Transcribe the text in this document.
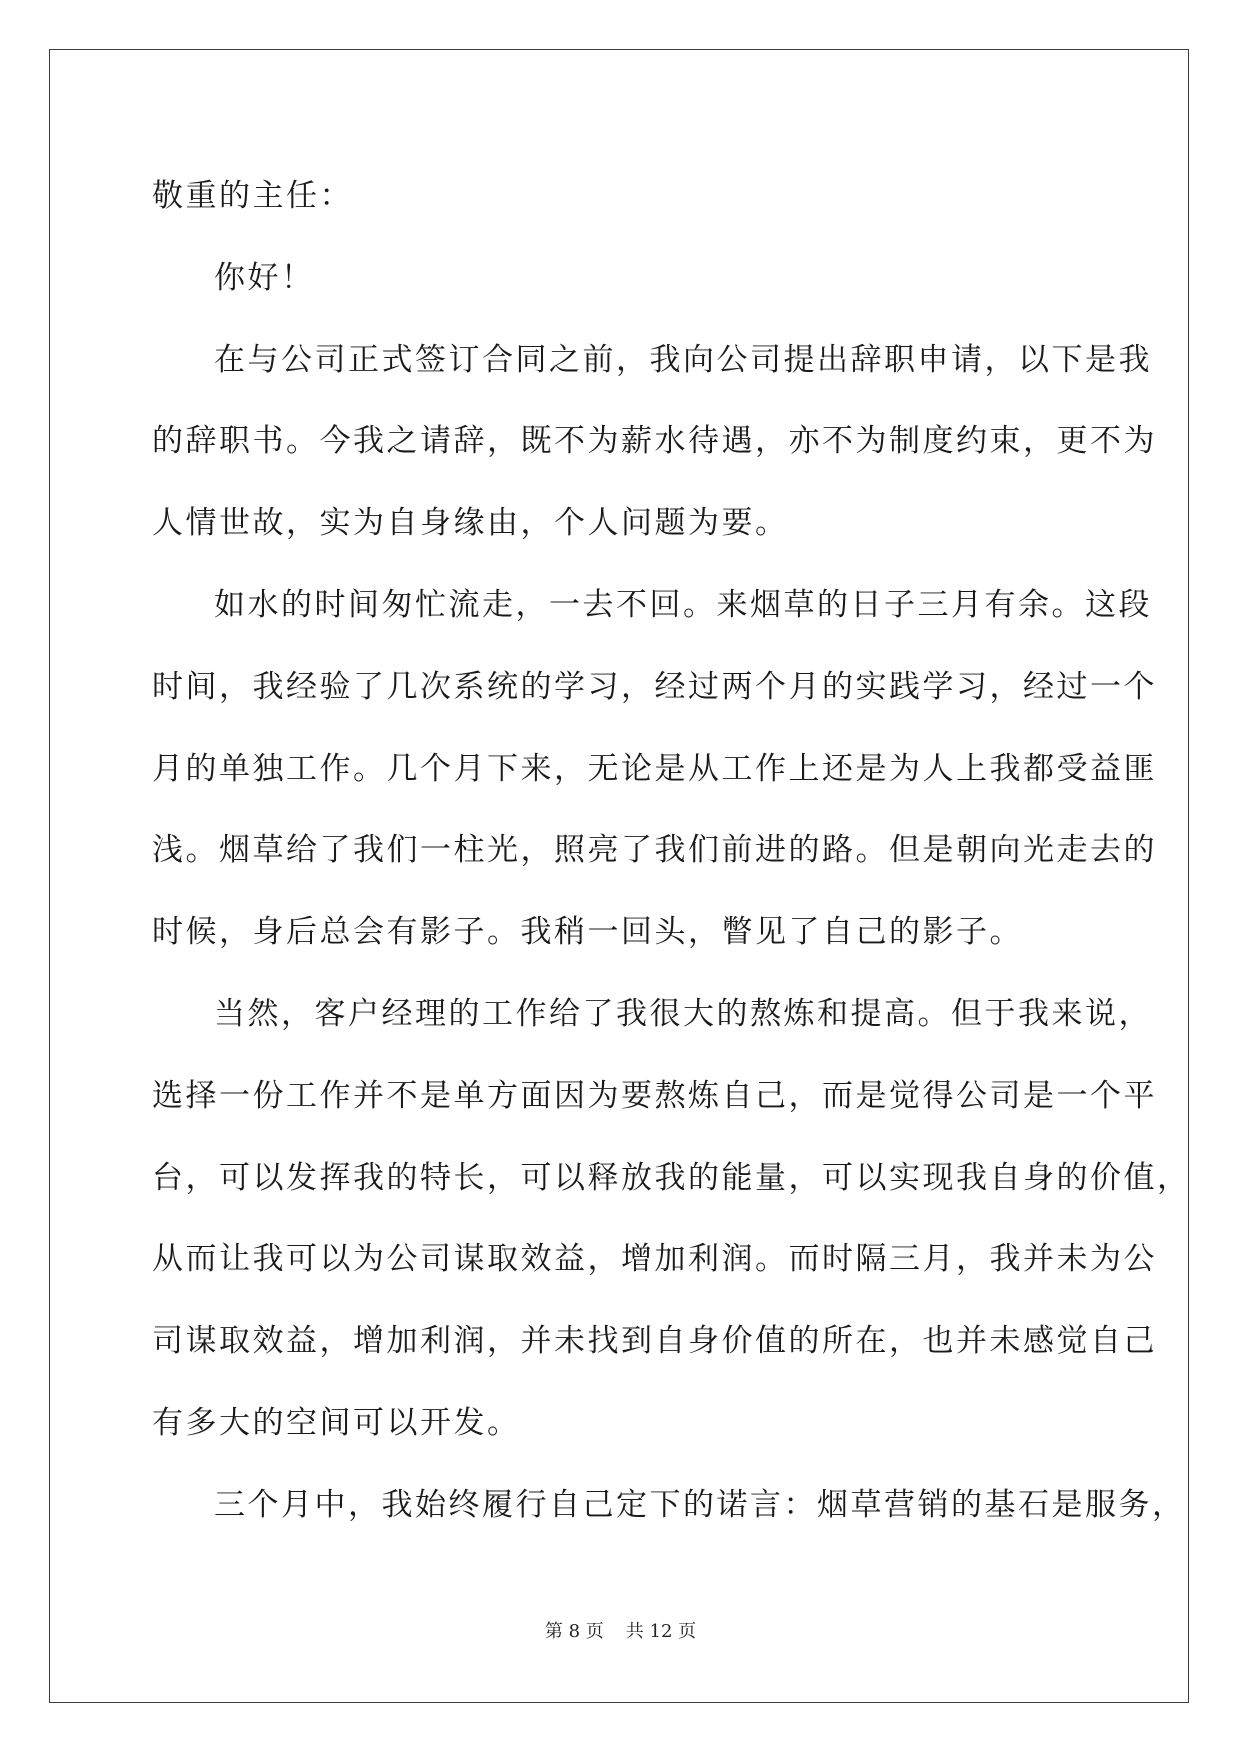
敬重的主任：
你好！
在与公司正式签订合同之前，我向公司提出辞职申请，以下是我
的辞职书。今我之请辞，既不为薪水待遇，亦不为制度约束，更不为
人情世故，实为自身缘由，个人问题为要。
如水的时间匆忙流走，一去不回。来烟草的日子三月有余。这段
时间，我经验了几次系统的学习，经过两个月的实践学习，经过一个
月的单独工作。几个月下来，无论是从工作上还是为人上我都受益匪
浅。烟草给了我们一柱光，照亮了我们前进的路。但是朝向光走去的
时候，身后总会有影子。我稍一回头，瞥见了自己的影子。
当然，客户经理的工作给了我很大的熬炼和提高。但于我来说，
选择一份工作并不是单方面因为要熬炼自己，而是觉得公司是一个平
台，可以发挥我的特长，可以释放我的能量，可以实现我自身的价值，
从而让我可以为公司谋取效益，增加利润。而时隔三月，我并未为公
司谋取效益，增加利润，并未找到自身价值的所在，也并未感觉自己
有多大的空间可以开发。
三个月中，我始终履行自己定下的诺言：烟草营销的基石是服务，
第 8 页 共 12 页
